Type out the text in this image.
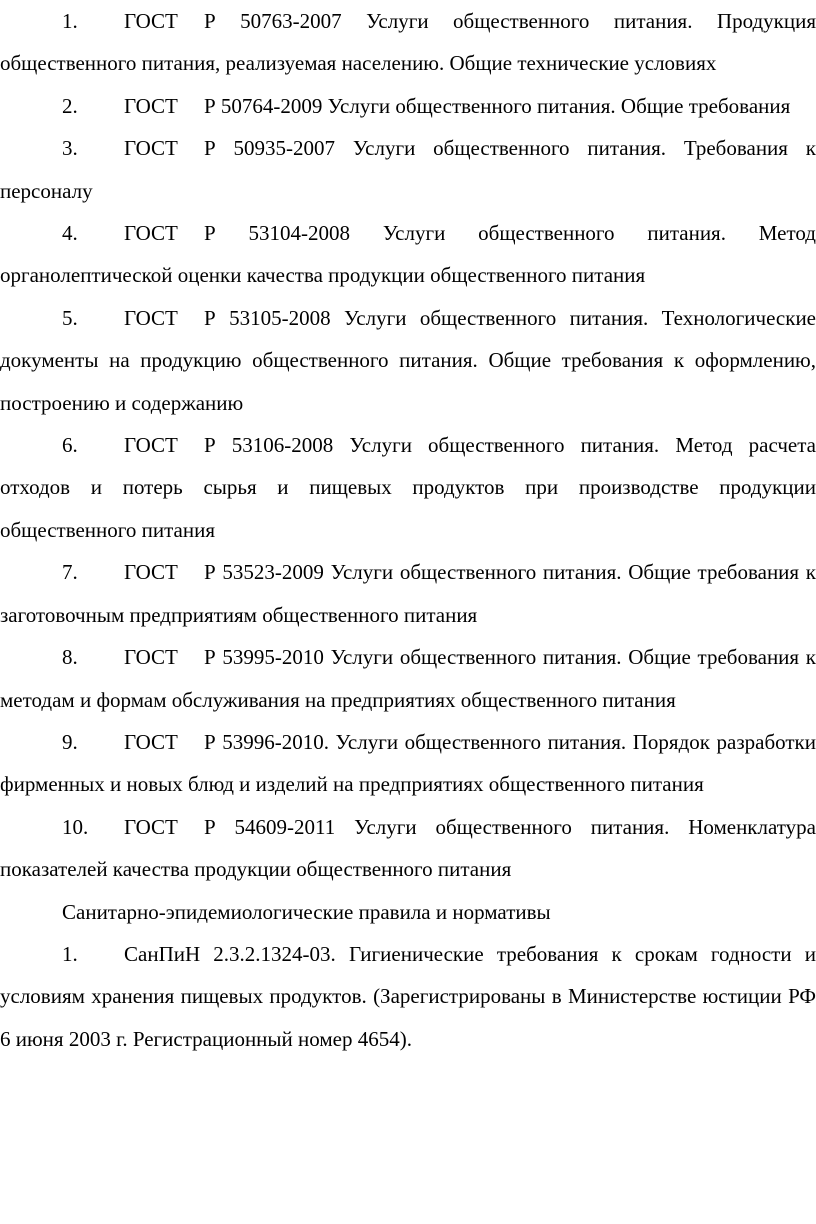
1. ГОСТ Р 50763-2007 Услуги общественного питания. Продукция общественного питания, реализуемая населению. Общие технические условиях

2. ГОСТ Р 50764-2009 Услуги общественного питания. Общие требования

3. ГОСТ Р 50935-2007 Услуги общественного питания. Требования к персоналу

4. ГОСТ Р 53104-2008 Услуги общественного питания. Метод органолептической оценки качества продукции общественного питания

5. ГОСТ Р 53105-2008 Услуги общественного питания. Технологические документы на продукцию общественного питания. Общие требования к оформлению, построению и содержанию

6. ГОСТ Р 53106-2008 Услуги общественного питания. Метод расчета отходов и потерь сырья и пищевых продуктов при производстве продукции общественного питания

7. ГОСТ Р 53523-2009 Услуги общественного питания. Общие требования к заготовочным предприятиям общественного питания

8. ГОСТ Р 53995-2010 Услуги общественного питания. Общие требования к методам и формам обслуживания на предприятиях общественного питания

9. ГОСТ Р 53996-2010. Услуги общественного питания. Порядок разработки фирменных и новых блюд и изделий на предприятиях общественного питания

10. ГОСТ Р 54609-2011 Услуги общественного питания. Номенклатура показателей качества продукции общественного питания

Санитарно-эпидемиологические правила и нормативы

1. СанПиН 2.3.2.1324-03. Гигиенические требования к срокам годности и условиям хранения пищевых продуктов. (Зарегистрированы в Министерстве юстиции РФ 6 июня 2003 г. Регистрационный номер 4654).
